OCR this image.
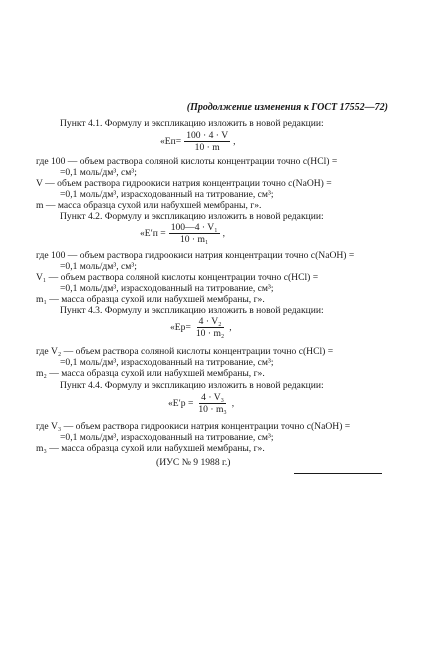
(Продолжение изменения к ГОСТ 17552—72)
Пункт 4.1. Формулу и экспликацию изложить в новой редакции:
«$Eп= \frac{100 \cdot 4 \cdot V}{10 \cdot m}$ ,
где 100 — объем раствора соляной кислоты концентрации точно c(HCl) =
=0,1 моль/дм³, см³;
V — объем раствора гидроокиси натрия концентрации точно c(NaOH) =
=0,1 моль/дм³, израсходованный на титрование, см³;
m — масса образца сухой или набухшей мембраны, г».
Пункт 4.2. Формулу и экспликацию изложить в новой редакции:
«$E'п = \frac{\text{100—4 · V₁}}{\text{10 · m₁}}$ ,
где 100 — объем раствора гидроокиси натрия концентрации точно c(NaOH) =
=0,1 моль/дм³, см³;
V₁ — объем раствора соляной кислоты концентрации точно c(HCl) =
=0,1 моль/дм³, израсходованный на титрование, см³;
m₁ — масса образца сухой или набухшей мембраны, г».
Пункт 4.3. Формулу и экспликацию изложить в новой редакции:
«$Eр= \frac{\text{4 · V₂}}{\text{10 · m₂}}$ ,
где V₂ — объем раствора соляной кислоты концентрации точно c(HCl) =
=0,1 моль/дм³, израсходованный на титрование, см³;
m₂ — масса образца сухой или набухшей мембраны, г».
Пункт 4.4. Формулу и экспликацию изложить в новой редакции:
«$E'р = \frac{\text{4 · V₃}}{\text{10 · m₃}}$ ,
где V₃ — объем раствора гидроокиси натрия концентрации точно c(NaOH) =
=0,1 моль/дм³, израсходованный на титрование, см³;
m₃ — масса образца сухой или набухшей мембраны, г».
(ИУС № 9 1988 г.)
